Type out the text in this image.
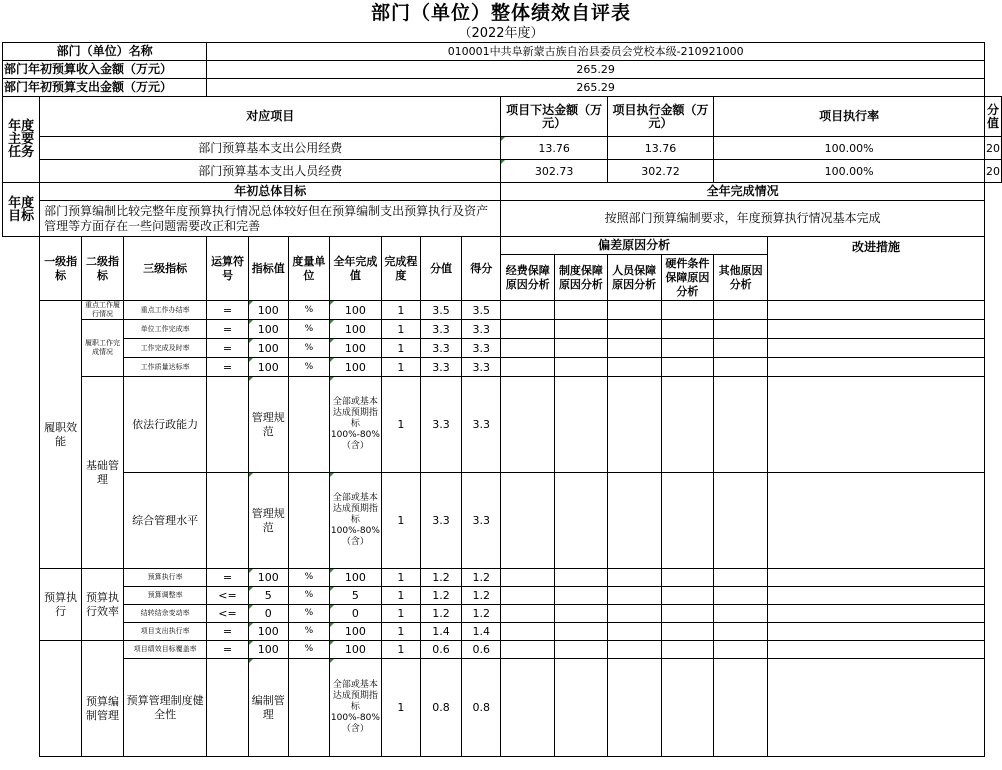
部门（单位）整体绩效自评表
（2022年度）
部门（单位）名称				010001中共阜新蒙古族自治县委员会党校本级-210921000													
部门年初预算收入金额（万元）				265.29													
部门年初预算支出金额（万元）				265.29													
年度主要任务	对应项目										项目下达金额（万元）		项目执行金额（万元）		项目执行率		分值
	部门预算基本支出公用经费										13.76		13.76		100.00%		20
	部门预算基本支出人员经费										302.73		302.72		100.00%		20
年度目标	年初总体目标										全年完成情况						
	部门预算编制比较完整年度预算执行情况总体较好但在预算编制支出预算执行及资产管理等方面存在一些问题需要改正和完善										按照部门预算编制要求，年度预算执行情况基本完成						
	一级指标	二级指标	三级指标	运算符号	指标值	度量单位	全年完成值	完成程度	分值	得分	偏差原因分析					改进措施	
											经费保障原因分析	制度保障原因分析	人员保障原因分析	硬件条件保障原因分析	其他原因分析		
	履职效能	重点工作履行情况	重点工作办结率	=	100	%	100	1	3.5	3.5							
		履职工作完成情况	单位工作完成率	=	100	%	100	1	3.3	3.3							
			工作完成及时率	=	100	%	100	1	3.3	3.3							
			工作质量达标率	=	100	%	100	1	3.3	3.3							
		基础管理	依法行政能力		管理规范		全部或基本达成预期指标100%-80%（含）	1	3.3	3.3							
			综合管理水平		管理规范		全部或基本达成预期指标100%-80%（含）	1	3.3	3.3							
	预算执行	预算执行效率	预算执行率	=	100	%	100	1	1.2	1.2							
			预算调整率	<=	5	%	5	1	1.2	1.2							
			结转结余变动率	<=	0	%	0	1	1.2	1.2							
			项目支出执行率	=	100	%	100	1	1.4	1.4							
		预算编制管理	项目绩效目标覆盖率	=	100	%	100	1	0.6	0.6							
			预算管理制度健全性		编制管理		全部或基本达成预期指标100%-80%（含）	1	0.8	0.8							
